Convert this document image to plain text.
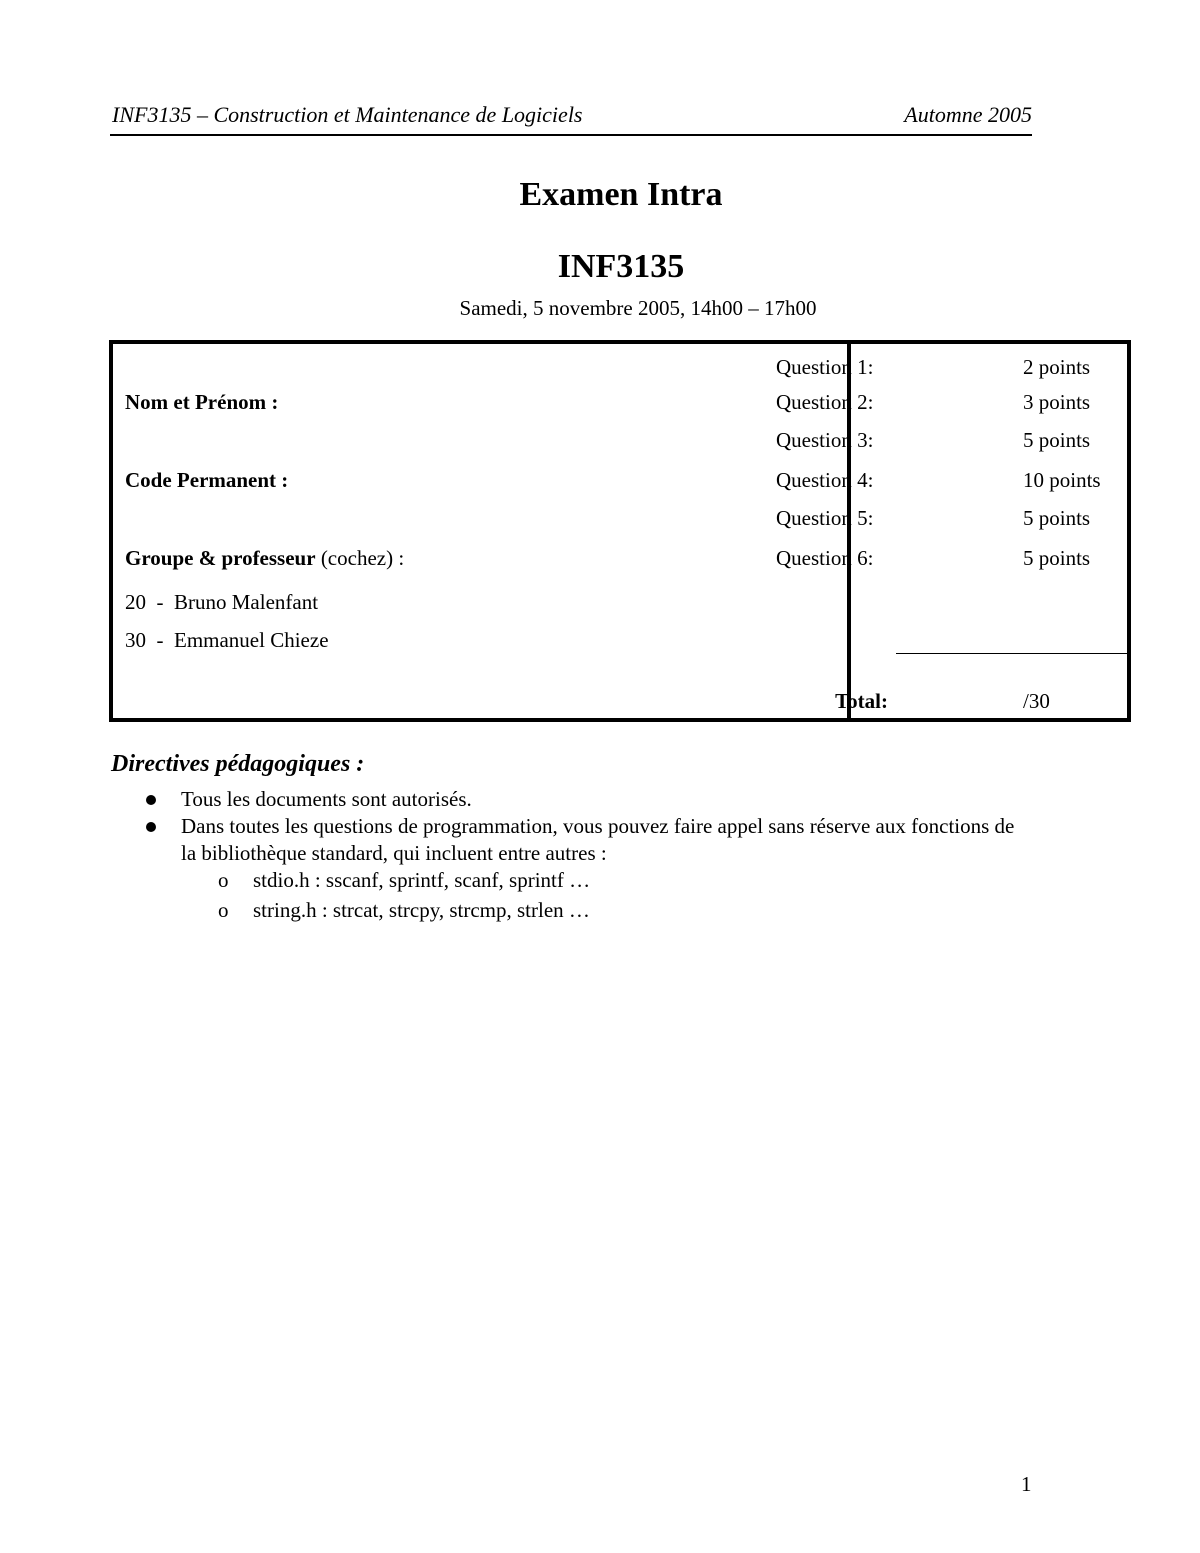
INF3135 – Construction et Maintenance de Logiciels	Automne 2005
Examen Intra
INF3135
Samedi, 5 novembre 2005, 14h00 – 17h00
Nom et Prénom :
Code Permanent :
Groupe & professeur (cochez) :
20  -  Bruno Malenfant
30  -  Emmanuel Chieze
Question 1:	2 points
Question 2:	3 points
Question 3:	5 points
Question 4:	10 points
Question 5:	5 points
Question 6:	5 points
Total:	/30
Directives pédagogiques :
Tous les documents sont autorisés.
Dans toutes les questions de programmation, vous pouvez faire appel sans réserve aux fonctions de
la bibliothèque standard, qui incluent entre autres :
o stdio.h : sscanf, sprintf, scanf, sprintf …
o string.h : strcat, strcpy, strcmp, strlen …
1
